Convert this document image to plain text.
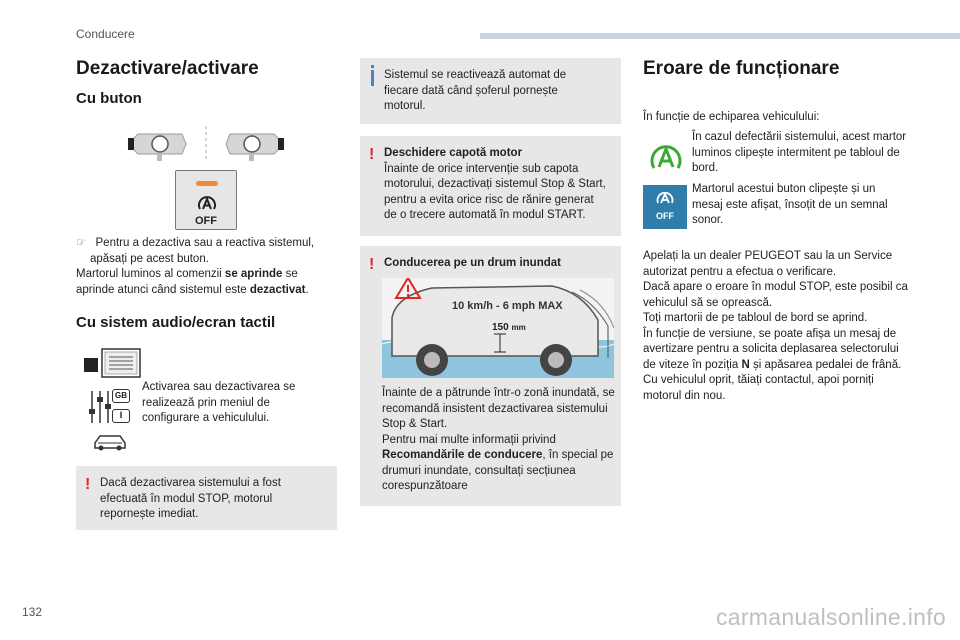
Conducere
Dezactivare/activare
Cu buton
OFF
☞ Pentru a dezactiva sau a reactiva sistemul, apăsați pe acest buton.
Martorul luminos al comenzii se aprinde se aprinde atunci când sistemul este dezactivat.
Cu sistem audio/ecran tactil
GB
I
Activarea sau dezactivarea se realizează prin meniul de configurare a vehiculului.
! Dacă dezactivarea sistemului a fost efectuată în modul STOP, motorul repornește imediat.
Sistemul se reactivează automat de fiecare dată când șoferul pornește motorul.
! Deschidere capotă motor
Înainte de orice intervenție sub capota motorului, dezactivați sistemul Stop & Start, pentru a evita orice risc de rănire generat de o trecere automată în modul START.
! Conducerea pe un drum inundat
10 km/h - 6 mph MAX
150 mm
Înainte de a pătrunde într-o zonă inundată, se recomandă insistent dezactivarea sistemului Stop & Start.
Pentru mai multe informații privind Recomandările de conducere, în special pe drumuri inundate, consultați secțiunea corespunzătoare
Eroare de funcționare
În funcție de echiparea vehiculului:
În cazul defectării sistemului, acest martor luminos clipește intermitent pe tabloul de bord.
OFF
Martorul acestui buton clipește și un mesaj este afișat, însoțit de un semnal sonor.
Apelați la un dealer PEUGEOT sau la un Service autorizat pentru a efectua o verificare.
Dacă apare o eroare în modul STOP, este posibil ca vehiculul să se oprească.
Toți martorii de pe tabloul de bord se aprind.
În funcție de versiune, se poate afișa un mesaj de avertizare pentru a solicita deplasarea selectorului de viteze în poziția N și apăsarea pedalei de frână.
Cu vehiculul oprit, tăiați contactul, apoi porniți motorul din nou.
132	carmanualsonline.info
